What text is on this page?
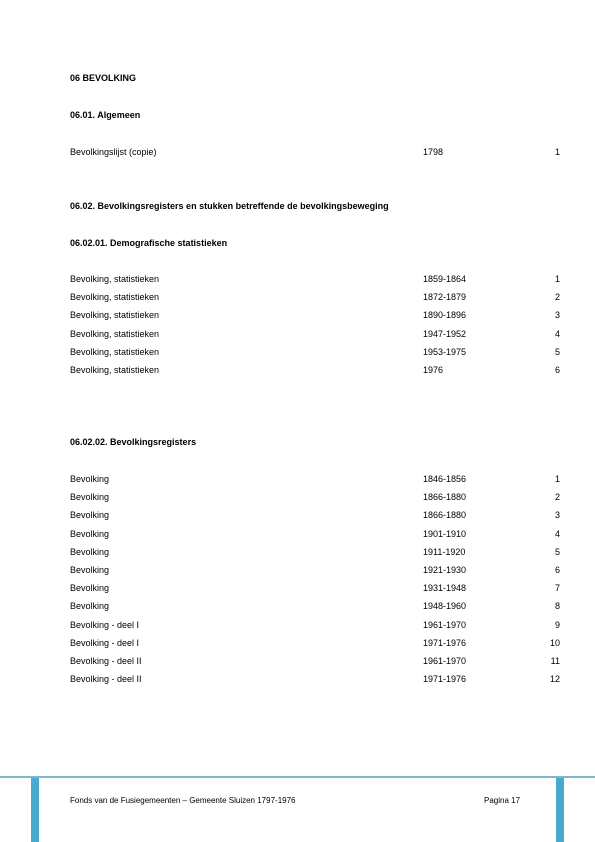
06 BEVOLKING
06.01. Algemeen
Bevolkingslijst (copie)	1798	1
06.02. Bevolkingsregisters en stukken betreffende de bevolkingsbeweging
06.02.01. Demografische statistieken
Bevolking, statistieken	1859-1864	1
Bevolking, statistieken	1872-1879	2
Bevolking, statistieken	1890-1896	3
Bevolking, statistieken	1947-1952	4
Bevolking, statistieken	1953-1975	5
Bevolking, statistieken	1976	6
06.02.02. Bevolkingsregisters
Bevolking	1846-1856	1
Bevolking	1866-1880	2
Bevolking	1866-1880	3
Bevolking	1901-1910	4
Bevolking	1911-1920	5
Bevolking	1921-1930	6
Bevolking	1931-1948	7
Bevolking	1948-1960	8
Bevolking - deel I	1961-1970	9
Bevolking - deel I	1971-1976	10
Bevolking - deel II	1961-1970	11
Bevolking - deel II	1971-1976	12
Fonds van de Fusiegemeenten – Gemeente Sluizen 1797-1976	Pagina 17
